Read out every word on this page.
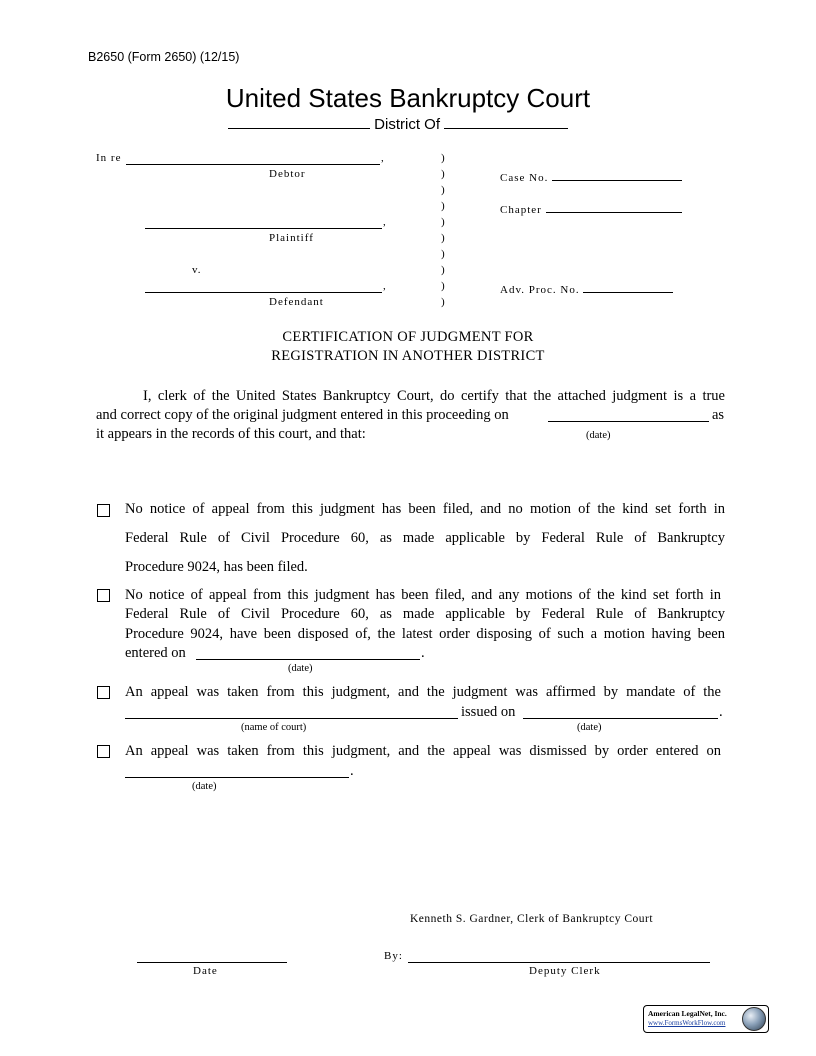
B2650 (Form 2650) (12/15)
United States Bankruptcy Court
District Of
In re	,
Debtor
,
Plaintiff
v.
,
Defendant
)
)
)
)
)
)
)
)
)
)
Case No.
Chapter
Adv. Proc. No.
CERTIFICATION OF JUDGMENT FOR
REGISTRATION IN ANOTHER DISTRICT
I, clerk of the United States Bankruptcy Court, do certify that the attached judgment is a true
and correct copy of the original judgment entered in this proceeding on	as
it appears in the records of this court, and that:	(date)
No notice of appeal from this judgment has been filed, and no motion of the kind set forth in
Federal Rule of Civil Procedure 60, as made applicable by Federal Rule of Bankruptcy
Procedure 9024, has been filed.
No notice of appeal from this judgment has been filed, and any motions of the kind set forth in
Federal Rule of Civil Procedure 60, as made applicable by Federal Rule of Bankruptcy
Procedure 9024, have been disposed of, the latest order disposing of such a motion having been
entered on	.
(date)
An appeal was taken from this judgment, and the judgment was affirmed by mandate of the
issued on	.
(name of court)	(date)
An appeal was taken from this judgment, and the appeal was dismissed by order entered on
.
(date)
Kenneth S. Gardner, Clerk of Bankruptcy Court
Date
By:
Deputy Clerk
American LegalNet, Inc.
www.FormsWorkFlow.com
